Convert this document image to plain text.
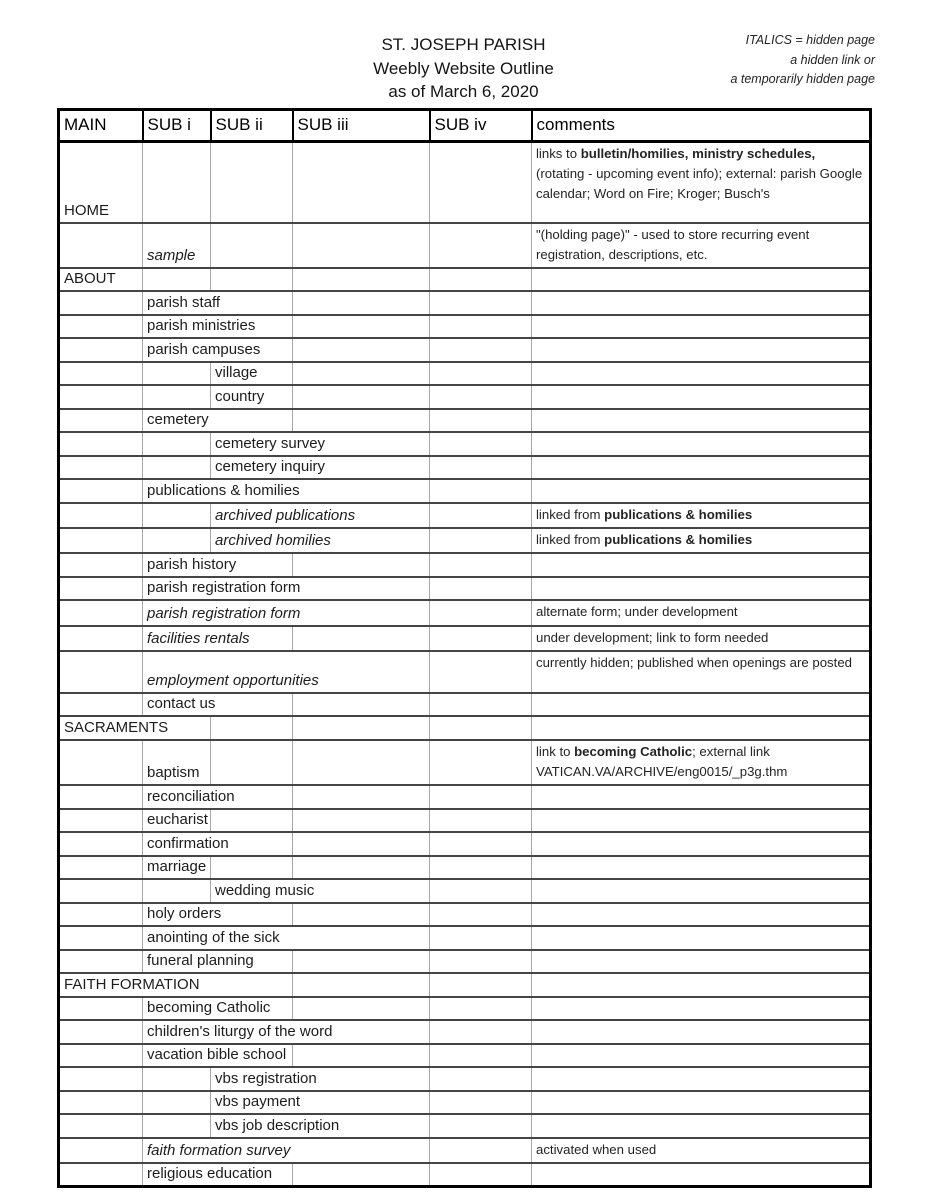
ST. JOSEPH PARISH
Weebly Website Outline
as of March 6, 2020
ITALICS = hidden page
a hidden link or
a temporarily hidden page
MAIN	SUB i	SUB ii	SUB iii	SUB iv	comments
HOME					links to bulletin/homilies, ministry schedules, (rotating - upcoming event info); external: parish Google calendar; Word on Fire; Kroger; Busch's
	sample				"(holding page)" - used to store recurring event registration, descriptions, etc.
ABOUT					
	parish staff				
	parish ministries				
	parish campuses				
		village			
		country			
	cemetery				
		cemetery survey			
		cemetery inquiry			
	publications & homilies				
		archived publications			linked from publications & homilies
		archived homilies			linked from publications & homilies
	parish history				
	parish registration form				
	parish registration form				alternate form; under development
	facilities rentals				under development; link to form needed
	employment opportunities				currently hidden; published when openings are posted
	contact us				
SACRAMENTS					
	baptism				link to becoming Catholic; external link VATICAN.VA/ARCHIVE/eng0015/_p3g.thm
	reconciliation				
	eucharist				
	confirmation				
	marriage				
		wedding music			
	holy orders				
	anointing of the sick				
	funeral planning				
FAITH FORMATION					
	becoming Catholic				
	children's liturgy of the word				
	vacation bible school				
		vbs registration			
		vbs payment			
		vbs job description			
	faith formation survey				activated when used
	religious education				
